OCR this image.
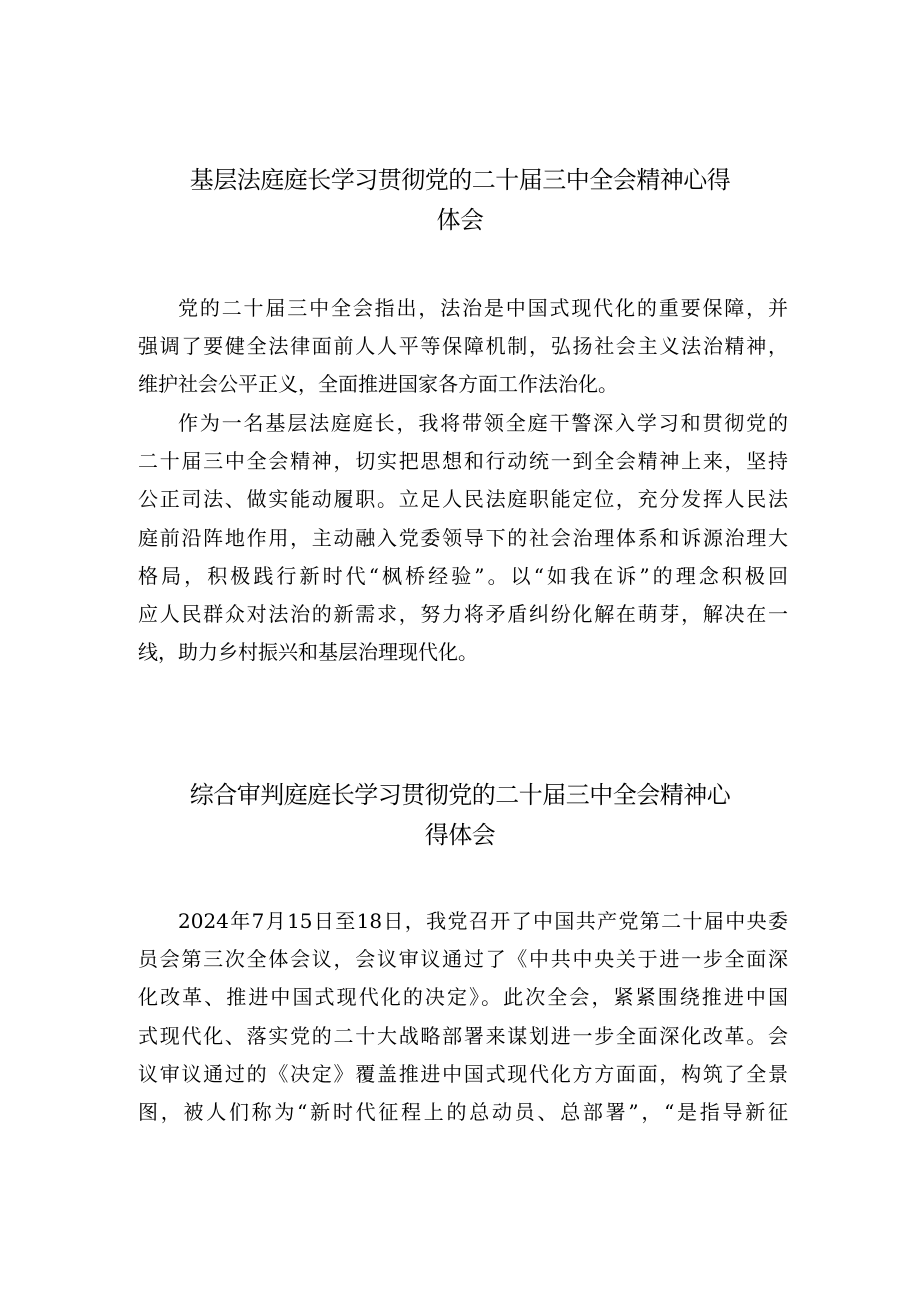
基层法庭庭长学习贯彻党的二十届三中全会精神心得
体会
党的二十届三中全会指出，法治是中国式现代化的重要保障，并
强调了要健全法律面前人人平等保障机制，弘扬社会主义法治精神，
维护社会公平正义，全面推进国家各方面工作法治化。
作为一名基层法庭庭长，我将带领全庭干警深入学习和贯彻党的
二十届三中全会精神，切实把思想和行动统一到全会精神上来，坚持
公正司法、做实能动履职。立足人民法庭职能定位，充分发挥人民法
庭前沿阵地作用，主动融入党委领导下的社会治理体系和诉源治理大
格局，积极践行新时代“枫桥经验”。以“如我在诉”的理念积极回
应人民群众对法治的新需求，努力将矛盾纠纷化解在萌芽，解决在一
线，助力乡村振兴和基层治理现代化。
综合审判庭庭长学习贯彻党的二十届三中全会精神心
得体会
2024年7月15日至18日，我党召开了中国共产党第二十届中央委
员会第三次全体会议，会议审议通过了《中共中央关于进一步全面深
化改革、推进中国式现代化的决定》。此次全会，紧紧围绕推进中国
式现代化、落实党的二十大战略部署来谋划进一步全面深化改革。会
议审议通过的《决定》覆盖推进中国式现代化方方面面，构筑了全景
图，被人们称为“新时代征程上的总动员、总部署”，“是指导新征
